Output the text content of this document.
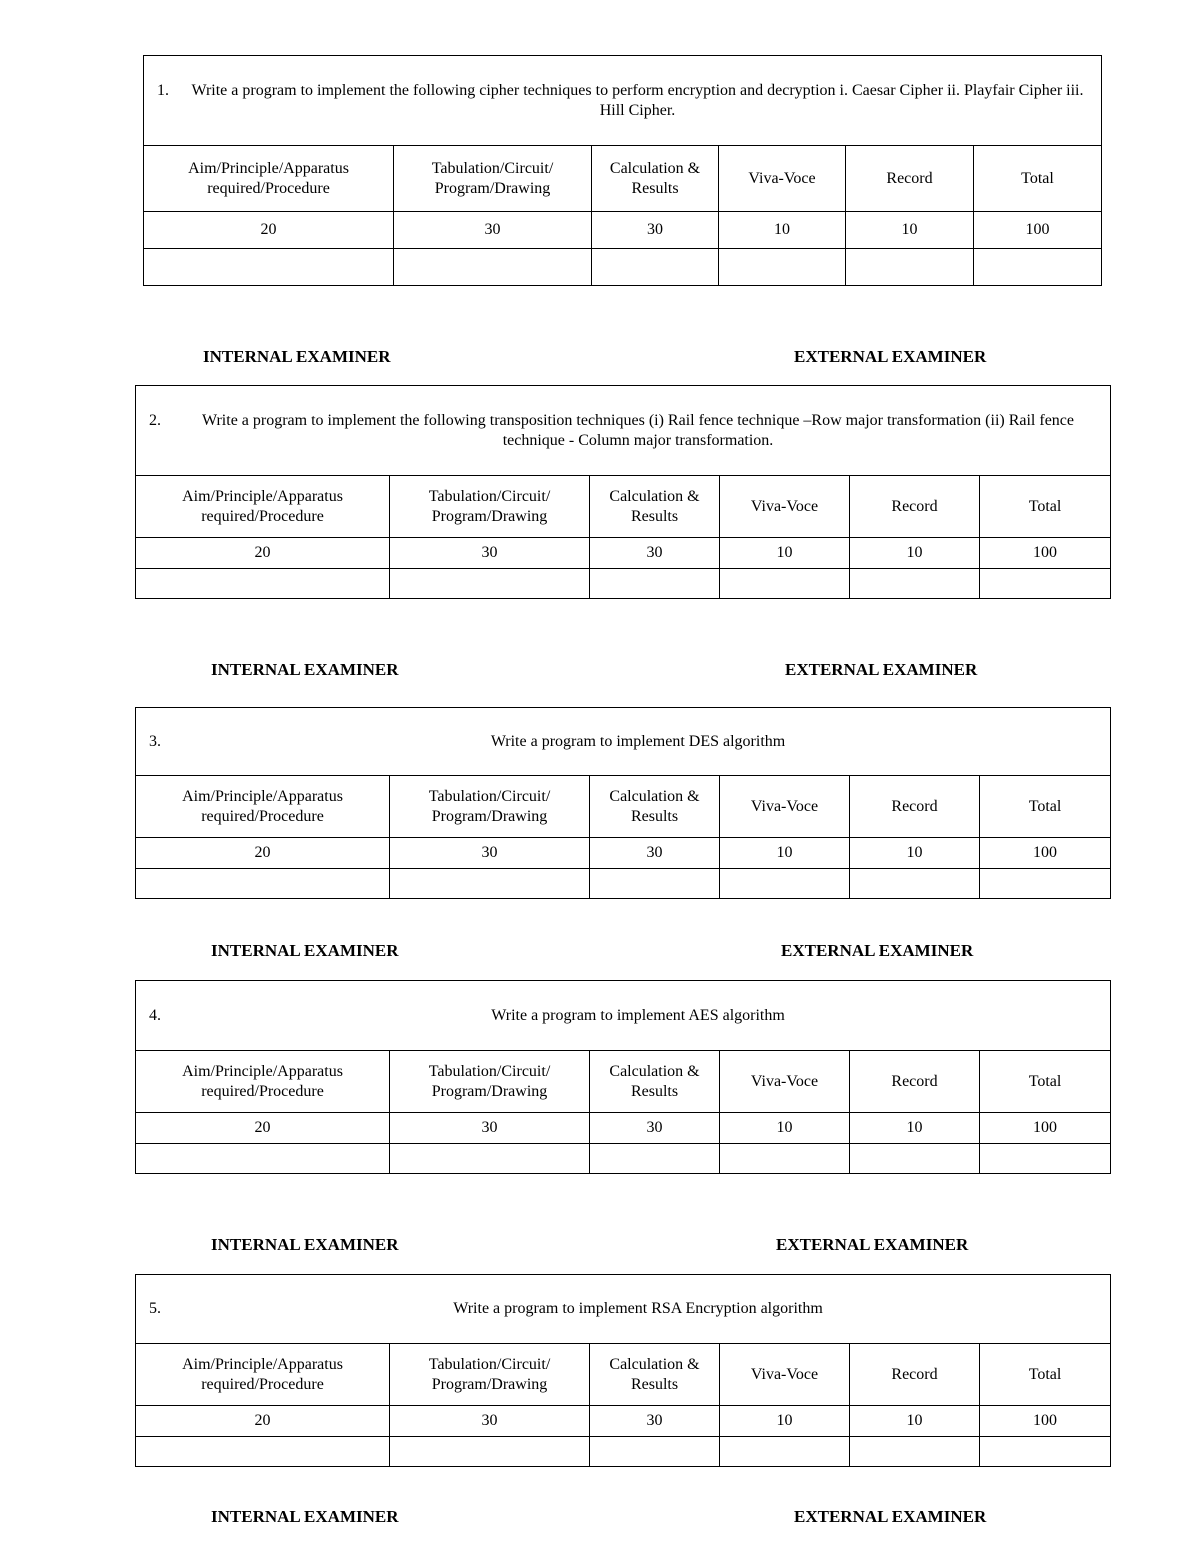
1. Write a program to implement the following cipher techniques to perform encryption and decryption i. Caesar Cipher ii. Playfair Cipher iii. Hill Cipher.					

Aim/Principle/Apparatus required/Procedure	Tabulation/Circuit/ Program/Drawing	Calculation & Results	Viva-Voce	Record	Total
20	30	30	10	10	100

INTERNAL EXAMINER	EXTERNAL EXAMINER
2. Write a program to implement the following transposition techniques (i) Rail fence technique –Row major transformation (ii) Rail fence technique - Column major transformation.					

Aim/Principle/Apparatus required/Procedure	Tabulation/Circuit/ Program/Drawing	Calculation & Results	Viva-Voce	Record	Total
20	30	30	10	10	100

INTERNAL EXAMINER	EXTERNAL EXAMINER
3. Write a program to implement DES algorithm					

Aim/Principle/Apparatus required/Procedure	Tabulation/Circuit/ Program/Drawing	Calculation & Results	Viva-Voce	Record	Total
20	30	30	10	10	100

INTERNAL EXAMINER	EXTERNAL EXAMINER
4. Write a program to implement AES algorithm					

Aim/Principle/Apparatus required/Procedure	Tabulation/Circuit/ Program/Drawing	Calculation & Results	Viva-Voce	Record	Total
20	30	30	10	10	100

INTERNAL EXAMINER	EXTERNAL EXAMINER
5. Write a program to implement RSA Encryption algorithm					

Aim/Principle/Apparatus required/Procedure	Tabulation/Circuit/ Program/Drawing	Calculation & Results	Viva-Voce	Record	Total
20	30	30	10	10	100

INTERNAL EXAMINER	EXTERNAL EXAMINER
